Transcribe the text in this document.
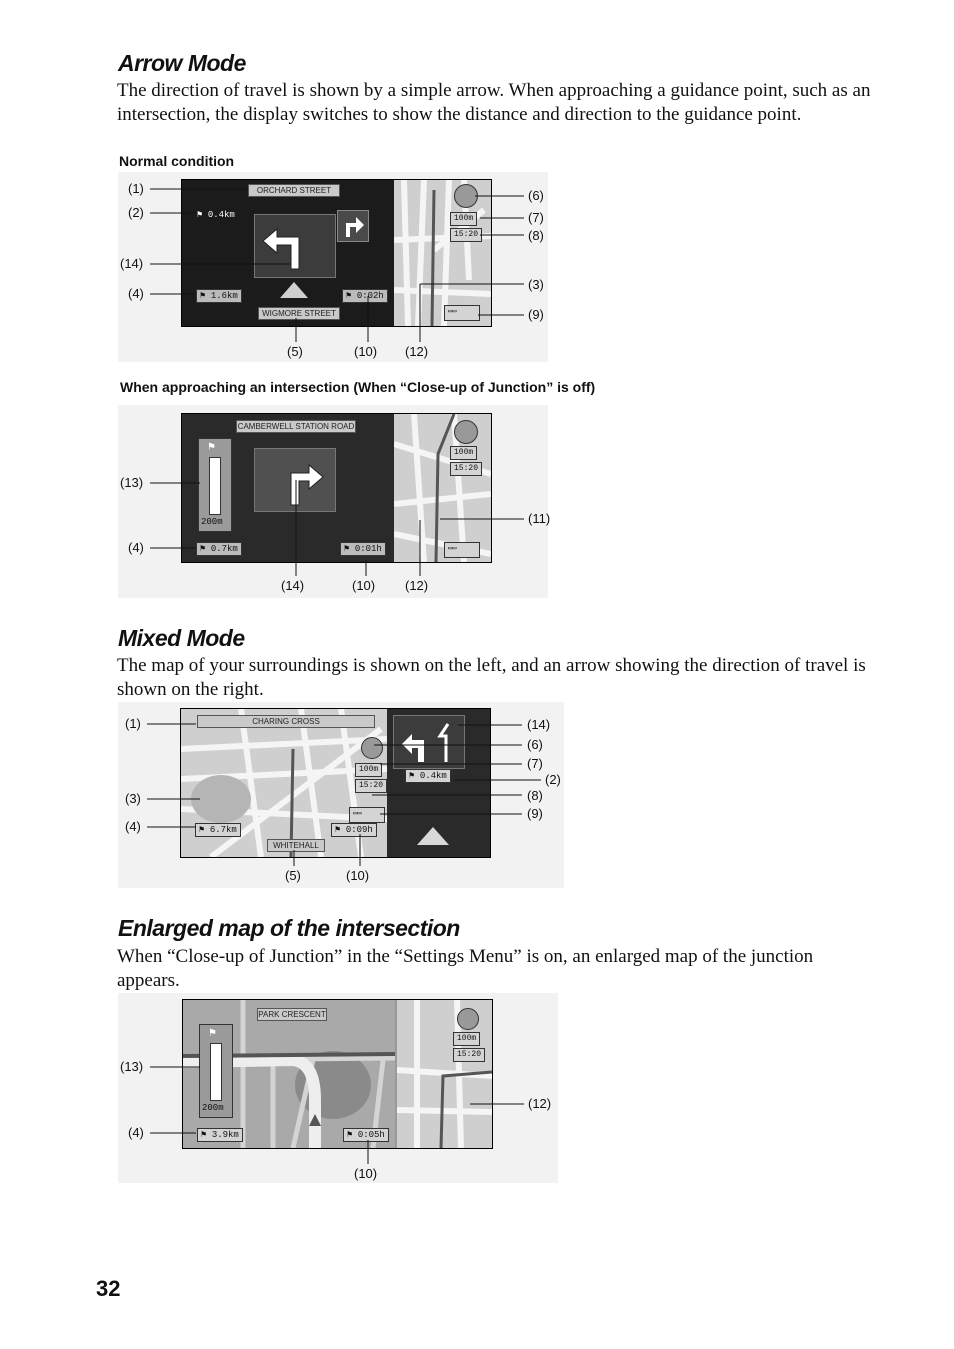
Arrow Mode

The direction of travel is shown by a simple arrow. When approaching a guidance point, such as an intersection, the display switches to show the distance and direction to the guidance point.

Normal condition
ORCHARD STREET
⚑ 0.4km
⚑ 1.6km	⚑ 0:02h
WIGMORE STREET
100m
15:20
▭▭
(1)
(2)
(14)
(4)
(6)
(7)
(8)
(3)
(9)
(5)	(10) (12)
When approaching an intersection (When “Close-up of Junction” is off)
CAMBERWELL STATION ROAD
⚑
200m
⚑ 0.7km	⚑ 0:01h
100m
15:20
▭▭
(13)
(4)
(11)
(14)	(10) (12)
Mixed Mode

The map of your surroundings is shown on the left, and an arrow showing the direction of travel is shown on the right.

CHARING CROSS
100m
15:20
▭▭
⚑ 6.7km	⚑ 0:09h
WHITEHALL
⚑ 0.4km
(1)
(3)
(4)
(14)
(6)
(7)
(2)
(8)
(9)
(5)	(10)
Enlarged map of the intersection

When “Close-up of Junction” in the “Settings Menu” is on, an enlarged map of the junction appears.

PARK CRESCENT
⚑
200m
⚑ 3.9km	⚑ 0:05h
100m
15:20
(13)
(4)
(12)
(10)
32
